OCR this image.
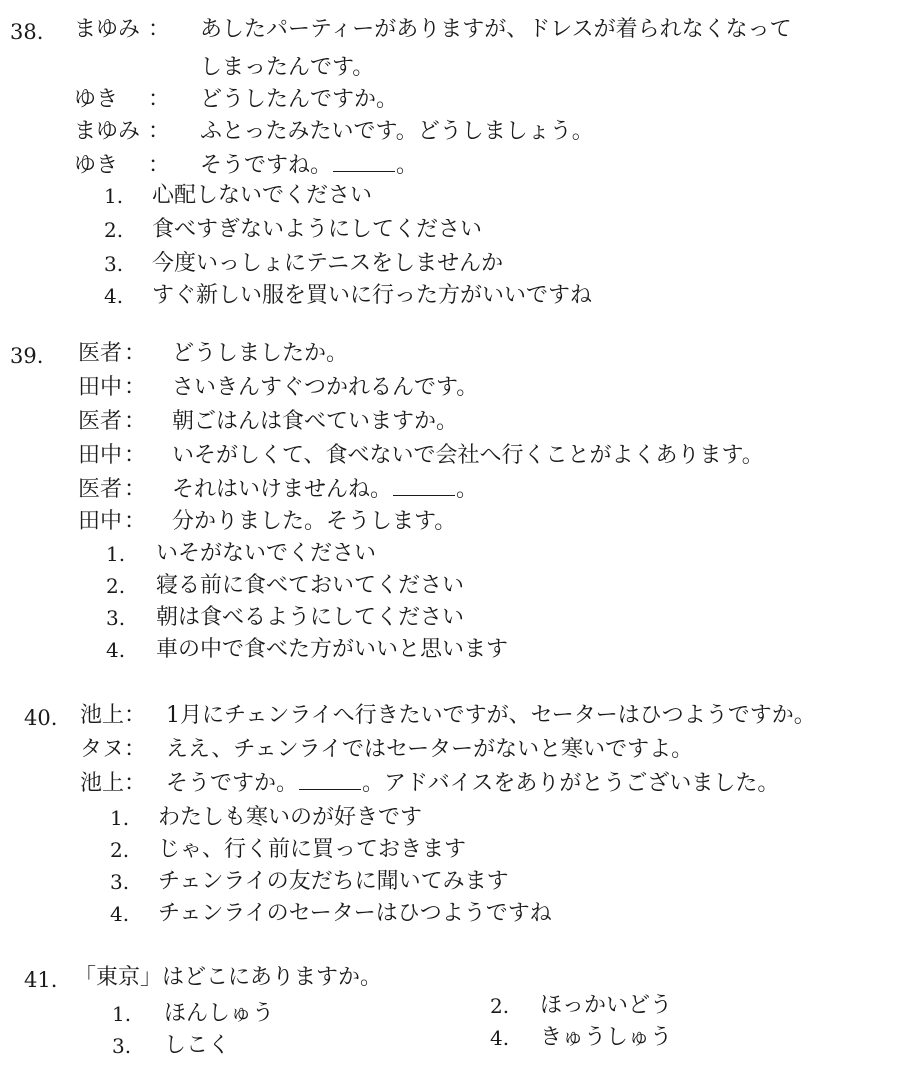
38. まゆみ ： あしたパーティーがありますが、ドレスが着られなくなって
しまったんです。
ゆき ： どうしたんですか。
まゆみ ： ふとったみたいです。どうしましょう。
ゆき ： そうですね。	。
1. 心配しないでください
2. 食べすぎないようにしてください
3. 今度いっしょにテニスをしませんか
4. すぐ新しい服を買いに行った方がいいですね
39. 医者 ： どうしましたか。
田中 ： さいきんすぐつかれるんです。
医者 ： 朝ごはんは食べていますか。
田中 ： いそがしくて、食べないで会社へ行くことがよくあります。
医者 ： それはいけませんね。	。
田中 ： 分かりました。そうします。
1. いそがないでください
2. 寝る前に食べておいてください
3. 朝は食べるようにしてください
4. 車の中で食べた方がいいと思います
40. 池上 ： 1月にチェンライへ行きたいですが、セーターはひつようですか。
タヌ ： ええ、チェンライではセーターがないと寒いですよ。
池上 ： そうですか。	。アドバイスをありがとうございました。
1. わたしも寒いのが好きです
2. じゃ、行く前に買っておきます
3. チェンライの友だちに聞いてみます
4. チェンライのセーターはひつようですね
41. 「東京」はどこにありますか。
1. ほんしゅう	2. ほっかいどう
3. しこく	4. きゅうしゅう
